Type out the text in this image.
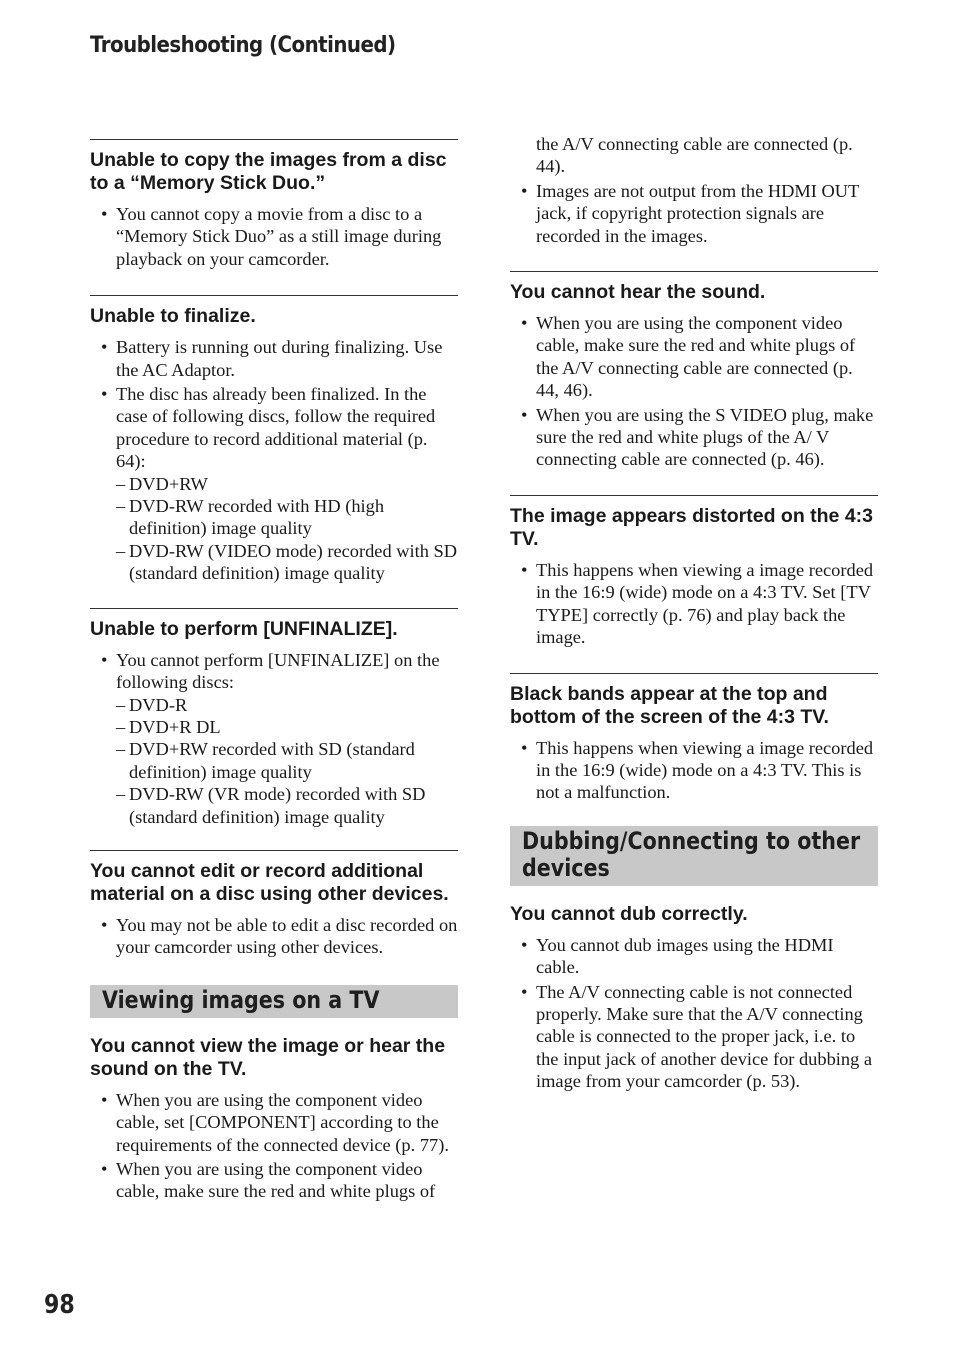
Troubleshooting (Continued)
Unable to copy the images from a disc to a “Memory Stick Duo.”
• You cannot copy a movie from a disc to a “Memory Stick Duo” as a still image during playback on your camcorder.
Unable to finalize.
• Battery is running out during finalizing. Use the AC Adaptor.
• The disc has already been finalized. In the case of following discs, follow the required procedure to record additional material (p. 64):
– DVD+RW
– DVD-RW recorded with HD (high definition) image quality
– DVD-RW (VIDEO mode) recorded with SD (standard definition) image quality
Unable to perform [UNFINALIZE].
• You cannot perform [UNFINALIZE] on the following discs:
– DVD-R
– DVD+R DL
– DVD+RW recorded with SD (standard definition) image quality
– DVD-RW (VR mode) recorded with SD (standard definition) image quality
You cannot edit or record additional material on a disc using other devices.
• You may not be able to edit a disc recorded on your camcorder using other devices.
Viewing images on a TV
You cannot view the image or hear the sound on the TV.
• When you are using the component video cable, set [COMPONENT] according to the requirements of the connected device (p. 77).
• When you are using the component video cable, make sure the red and white plugs of
the A/V connecting cable are connected (p. 44).
• Images are not output from the HDMI OUT jack, if copyright protection signals are recorded in the images.
You cannot hear the sound.
• When you are using the component video cable, make sure the red and white plugs of the A/V connecting cable are connected (p. 44, 46).
• When you are using the S VIDEO plug, make sure the red and white plugs of the A/ V connecting cable are connected (p. 46).
The image appears distorted on the 4:3 TV.
• This happens when viewing a image recorded in the 16:9 (wide) mode on a 4:3 TV. Set [TV TYPE] correctly (p. 76) and play back the image.
Black bands appear at the top and bottom of the screen of the 4:3 TV.
• This happens when viewing a image recorded in the 16:9 (wide) mode on a 4:3 TV. This is not a malfunction.
Dubbing/Connecting to other devices
You cannot dub correctly.
• You cannot dub images using the HDMI cable.
• The A/V connecting cable is not connected properly. Make sure that the A/V connecting cable is connected to the proper jack, i.e. to the input jack of another device for dubbing a image from your camcorder (p. 53).
98
